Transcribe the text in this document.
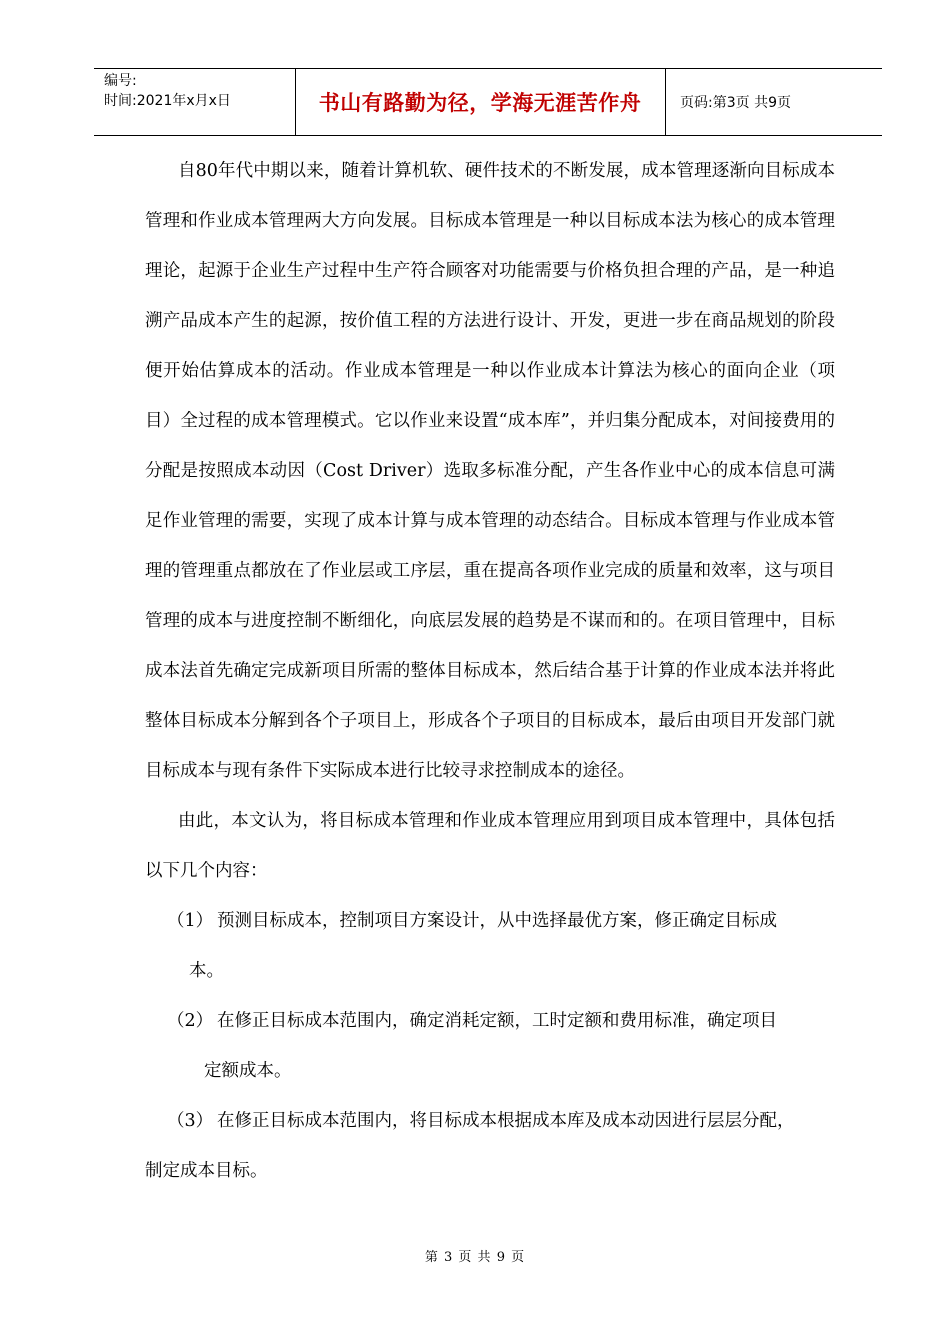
编号:
时间:2021年x月x日	书山有路勤为径，学海无涯苦作舟	页码:第3页 共9页

自80年代中期以来，随着计算机软、硬件技术的不断发展，成本管理逐渐向目标成本管理和作业成本管理两大方向发展。目标成本管理是一种以目标成本法为核心的成本管理理论，起源于企业生产过程中生产符合顾客对功能需要与价格负担合理的产品，是一种追溯产品成本产生的起源，按价值工程的方法进行设计、开发，更进一步在商品规划的阶段便开始估算成本的活动。作业成本管理是一种以作业成本计算法为核心的面向企业（项目）全过程的成本管理模式。它以作业来设置“成本库”，并归集分配成本，对间接费用的分配是按照成本动因（Cost Driver）选取多标准分配，产生各作业中心的成本信息可满足作业管理的需要，实现了成本计算与成本管理的动态结合。目标成本管理与作业成本管理的管理重点都放在了作业层或工序层，重在提高各项作业完成的质量和效率，这与项目管理的成本与进度控制不断细化，向底层发展的趋势是不谋而和的。在项目管理中，目标成本法首先确定完成新项目所需的整体目标成本，然后结合基于计算的作业成本法并将此整体目标成本分解到各个子项目上，形成各个子项目的目标成本，最后由项目开发部门就目标成本与现有条件下实际成本进行比较寻求控制成本的途径。

由此，本文认为，将目标成本管理和作业成本管理应用到项目成本管理中，具体包括以下几个内容：

（1） 预测目标成本，控制项目方案设计，从中选择最优方案，修正确定目标成
本。
（2） 在修正目标成本范围内，确定消耗定额，工时定额和费用标准，确定项目
定额成本。
（3） 在修正目标成本范围内，将目标成本根据成本库及成本动因进行层层分配，
制定成本目标。
第 3 页 共 9 页
